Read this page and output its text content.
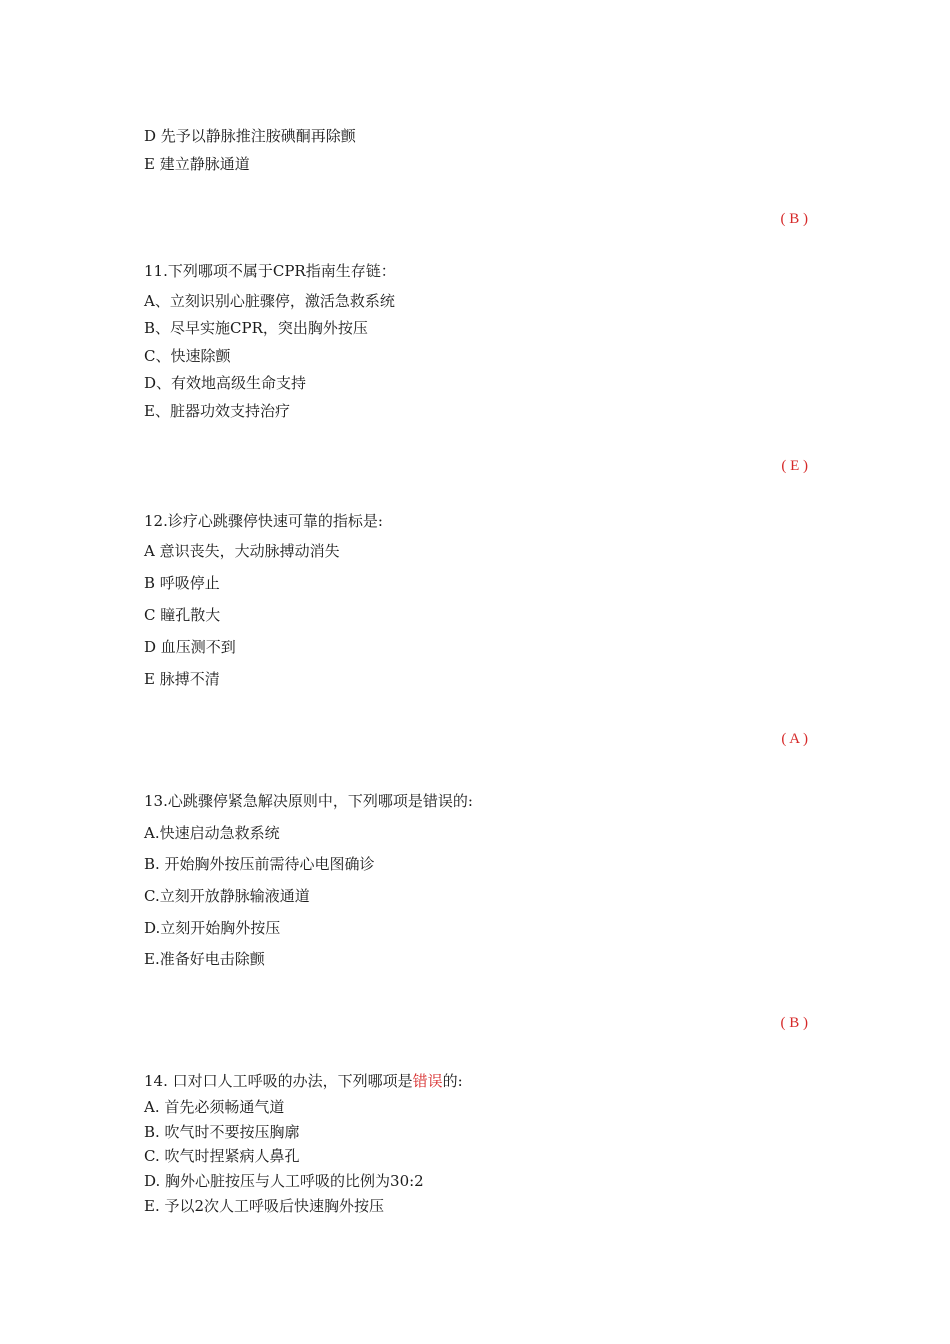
D 先予以静脉推注胺碘酮再除颤
E 建立静脉通道
( B )
11.下列哪项不属于CPR指南生存链：
A、立刻识别心脏骤停，激活急救系统
B、尽早实施CPR，突出胸外按压
C、快速除颤
D、有效地高级生命支持
E、脏器功效支持治疗
( E )
12.诊疗心跳骤停快速可靠的指标是:
A 意识丧失，大动脉搏动消失
B 呼吸停止
C 瞳孔散大
D 血压测不到
E 脉搏不清
( A )
13.心跳骤停紧急解决原则中，下列哪项是错误的:
A.快速启动急救系统
B. 开始胸外按压前需待心电图确诊
C.立刻开放静脉输液通道
D.立刻开始胸外按压
E.准备好电击除颤
( B )
14. 口对口人工呼吸的办法，下列哪项是错误的:
A. 首先必须畅通气道
B. 吹气时不要按压胸廓
C. 吹气时捏紧病人鼻孔
D. 胸外心脏按压与人工呼吸的比例为30:2
E. 予以2次人工呼吸后快速胸外按压
